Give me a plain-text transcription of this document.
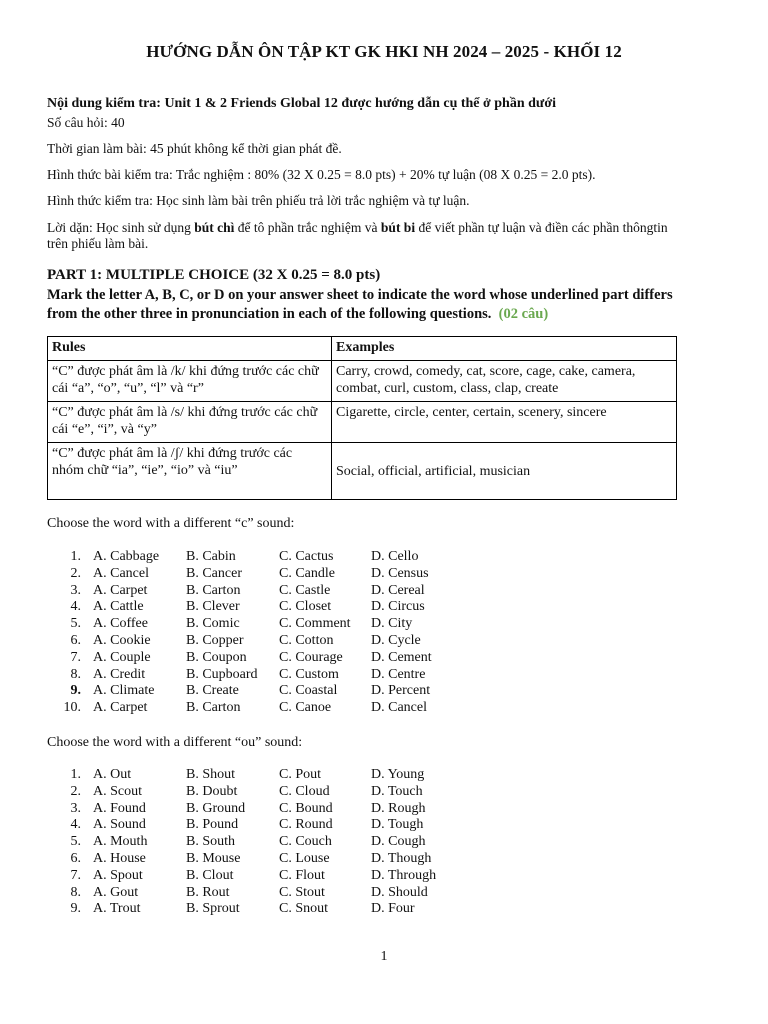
HƯỚNG DẪN ÔN TẬP KT GK HKI NH 2024 – 2025 - KHỐI 12
Nội dung kiểm tra: Unit 1 & 2 Friends Global 12 được hướng dẫn cụ thể ở phần dưới
Số câu hỏi: 40
Thời gian làm bài: 45 phút không kể thời gian phát đề.
Hình thức bài kiểm tra: Trắc nghiệm : 80% (32 X 0.25 = 8.0 pts) + 20% tự luận (08 X 0.25 = 2.0 pts).
Hình thức kiểm tra: Học sinh làm bài trên phiếu trả lời trắc nghiệm và tự luận.
Lời dặn: Học sinh sử dụng bút chì để tô phần trắc nghiệm và bút bi để viết phần tự luận và điền các phần thôngtin
trên phiếu làm bài.
PART 1: MULTIPLE CHOICE (32 X 0.25 = 8.0 pts)
Mark the letter A, B, C, or D on your answer sheet to indicate the word whose underlined part differs
from the other three in pronunciation in each of the following questions. (02 câu)
Rules	Examples
“C” được phát âm là /k/ khi đứng trước các chữ cái “a”, “o”, “u”, “l” và “r”	Carry, crowd, comedy, cat, score, cage, cake, camera, combat, curl, custom, class, clap, create
“C” được phát âm là /s/ khi đứng trước các chữ cái “e”, “i”, và “y”	Cigarette, circle, center, certain, scenery, sincere
“C” được phát âm là /ʃ/ khi đứng trước các nhóm chữ “ia”, “ie”, “io” và “iu”	Social, official, artificial, musician
Choose the word with a different “c” sound:
1. A. Cabbage B. Cabin	C. Cactus	D. Cello
2. A. Cancel	B. Cancer	C. Candle	D. Census
3. A. Carpet	B. Carton	C. Castle	D. Cereal
4. A. Cattle	B. Clever	C. Closet	D. Circus
5. A. Coffee	B. Comic	C. Comment D. City
6. A. Cookie	B. Copper	C. Cotton	D. Cycle
7. A. Couple	B. Coupon C. Courage D. Cement
8. A. Credit	B. Cupboard C. Custom D. Centre
9. A. Climate B. Create	C. Coastal D. Percent
10. A. Carpet	B. Carton	C. Canoe	D. Cancel
Choose the word with a different “ou” sound:
1. A. Out	B. Shout	C. Pout	D. Young
2. A. Scout	B. Doubt	C. Cloud	D. Touch
3. A. Found	B. Ground C. Bound	D. Rough
4. A. Sound	B. Pound	C. Round	D. Tough
5. A. Mouth	B. South	C. Couch	D. Cough
6. A. House	B. Mouse	C. Louse	D. Though
7. A. Spout	B. Clout	C. Flout	D. Through
8. A. Gout	B. Rout	C. Stout	D. Should
9. A. Trout	B. Sprout	C. Snout	D. Four
1
